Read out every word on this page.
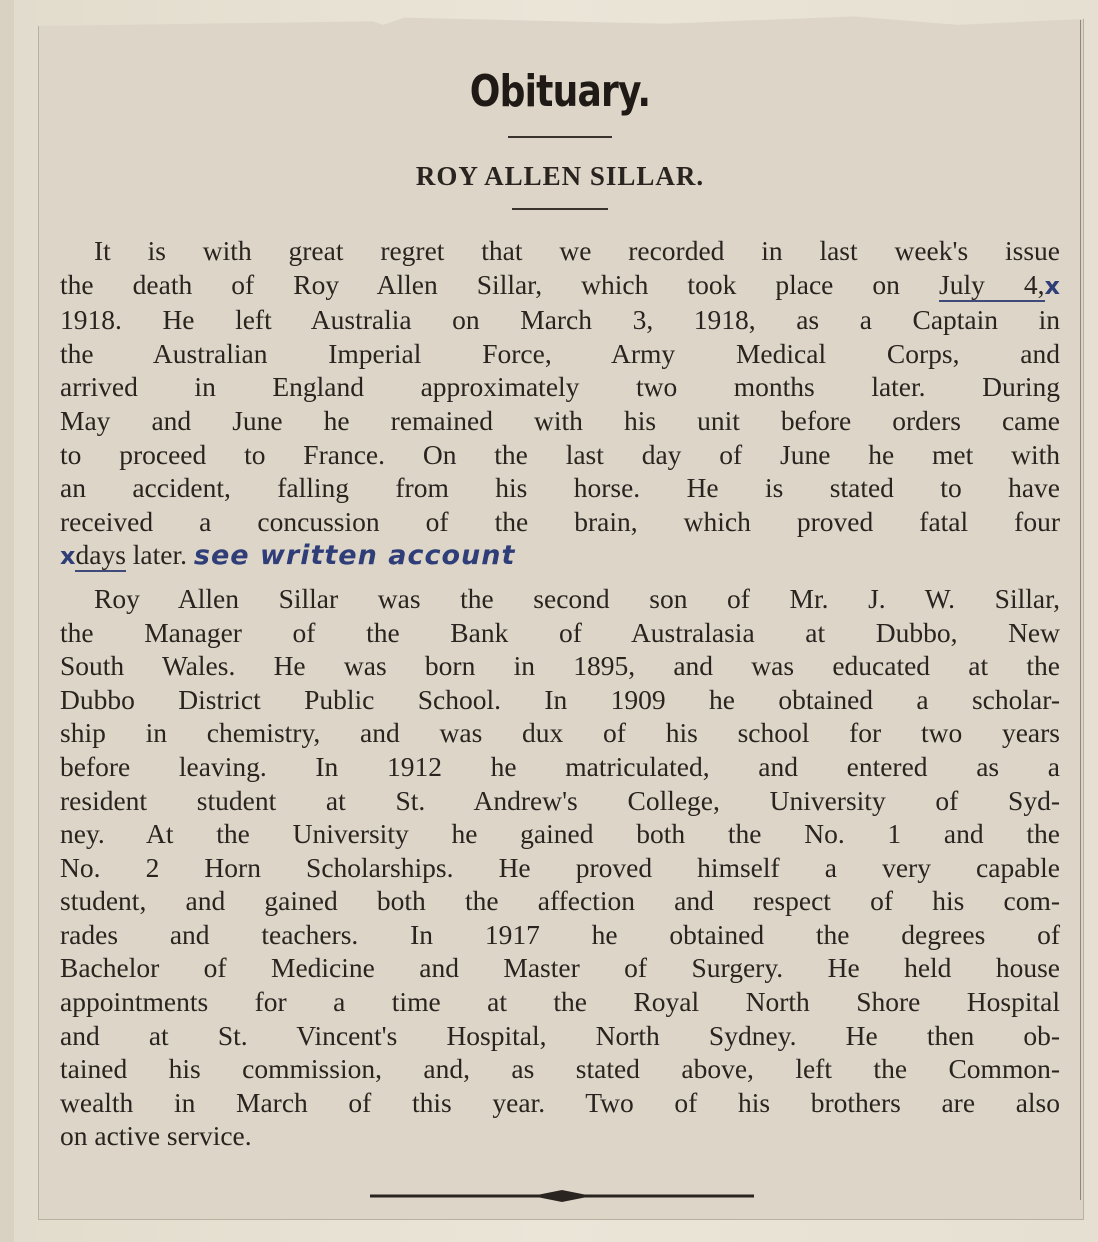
Obituary.
ROY ALLEN SILLAR.
It is with great regret that we recorded in last week's issue
the death of Roy Allen Sillar, which took place on July 4,x
1918. He left Australia on March 3, 1918, as a Captain in
the Australian Imperial Force, Army Medical Corps, and
arrived in England approximately two months later. During
May and June he remained with his unit before orders came
to proceed to France. On the last day of June he met with
an accident, falling from his horse. He is stated to have
received a concussion of the brain, which proved fatal four
xdays later. see written account
Roy Allen Sillar was the second son of Mr. J. W. Sillar,
the Manager of the Bank of Australasia at Dubbo, New
South Wales. He was born in 1895, and was educated at the
Dubbo District Public School. In 1909 he obtained a scholar-
ship in chemistry, and was dux of his school for two years
before leaving. In 1912 he matriculated, and entered as a
resident student at St. Andrew's College, University of Syd-
ney. At the University he gained both the No. 1 and the
No. 2 Horn Scholarships. He proved himself a very capable
student, and gained both the affection and respect of his com-
rades and teachers. In 1917 he obtained the degrees of
Bachelor of Medicine and Master of Surgery. He held house
appointments for a time at the Royal North Shore Hospital
and at St. Vincent's Hospital, North Sydney. He then ob-
tained his commission, and, as stated above, left the Common-
wealth in March of this year. Two of his brothers are also
on active service.
